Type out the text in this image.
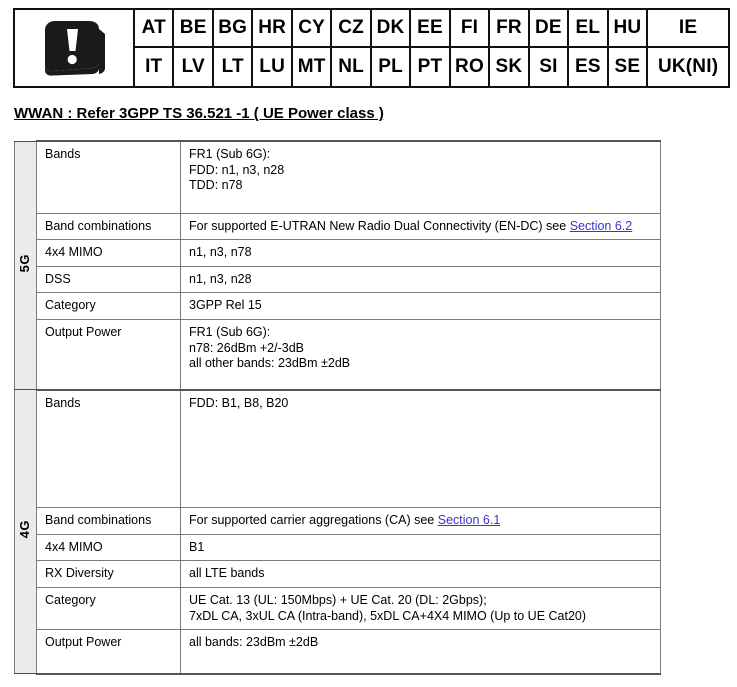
AT BE BG HR CY CZ DK EE FI FR DE EL HU	IE
IT	LV LT LU MT NL PL PT RO SK SI ES SE UK(NI)
WWAN : Refer 3GPP TS 36.521 -1 ( UE Power class )
5G	Bands	FR1 (Sub 6G):
FDD: n1, n3, n28
TDD: n78

	Band combinations	For supported E-UTRAN New Radio Dual Connectivity (EN-DC) see Section 6.2
	4x4 MIMO	n1, n3, n78
	DSS	n1, n3, n28
	Category	3GPP Rel 15
	Output Power	FR1 (Sub 6G):
n78: 26dBm +2/-3dB
all other bands: 23dBm ±2dB

4G	Bands	FDD: B1, B8, B20
	Band combinations	For supported carrier aggregations (CA) see Section 6.1
	4x4 MIMO	B1
	RX Diversity	all LTE bands
	Category	UE Cat. 13 (UL: 150Mbps) + UE Cat. 20 (DL: 2Gbps);
7xDL CA, 3xUL CA (Intra-band), 5xDL CA+4X4 MIMO (Up to UE Cat20)

	Output Power	all bands: 23dBm ±2dB
